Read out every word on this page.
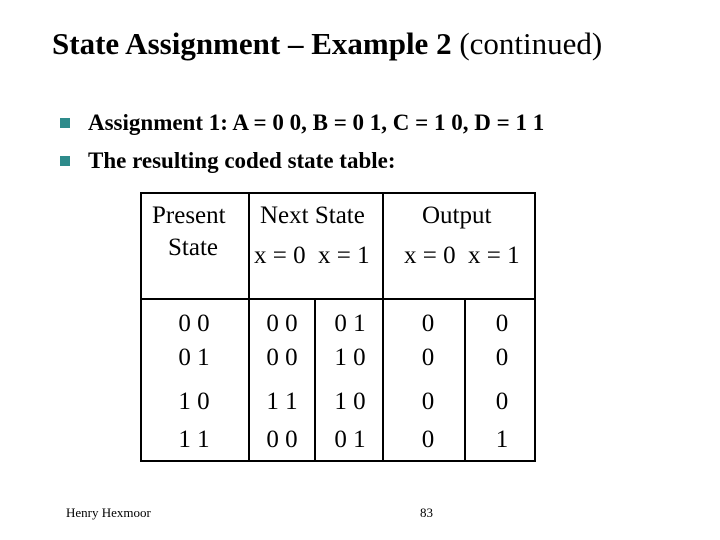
State Assignment – Example 2 (continued)
Assignment 1: A = 0 0, B = 0 1, C = 1 0, D = 1 1
The resulting coded state table:
Present
State
Next State
x = 0 x = 1
Output
x = 0 x = 1
0 0	0 0	0 1	0	0
0 1	0 0	1 0	0	0
1 0	1 1	1 0	0	0
1 1	0 0	0 1	0	1
Henry Hexmoor	83
